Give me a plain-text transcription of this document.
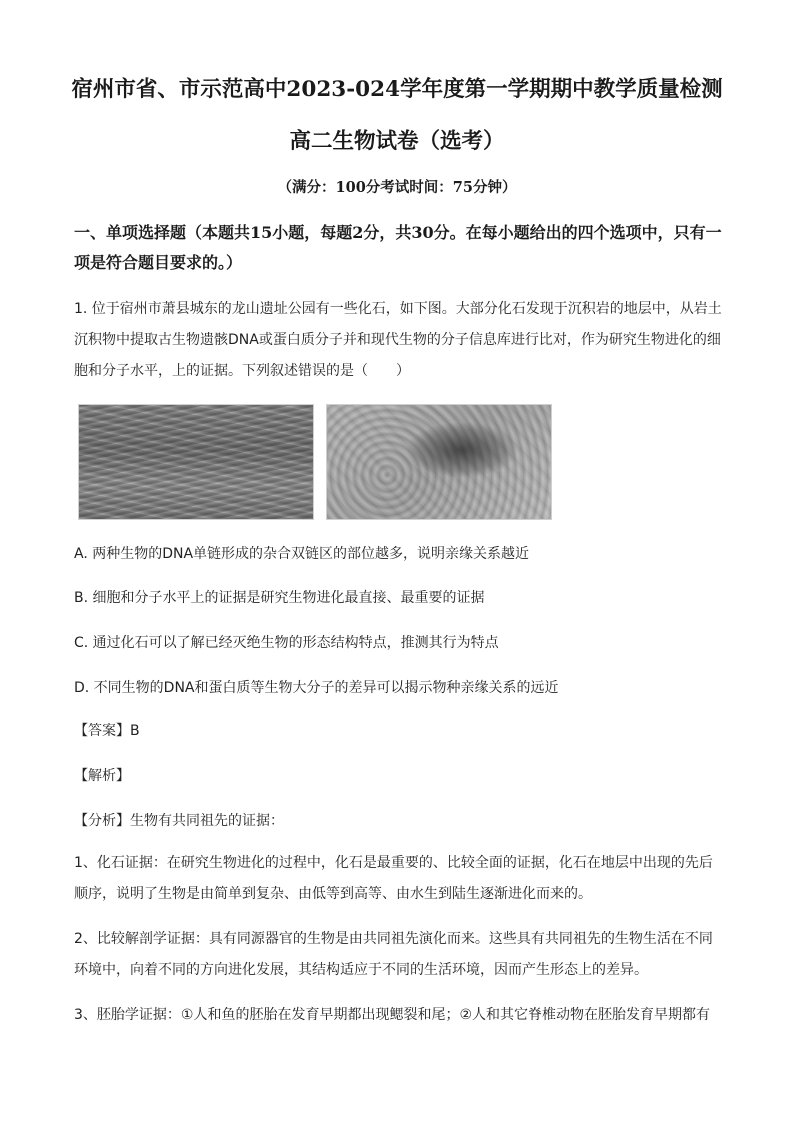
宿州市省、市示范高中2023-024学年度第一学期期中教学质量检测
高二生物试卷（选考）
（满分：100分考试时间：75分钟）
一、单项选择题（本题共15小题，每题2分，共30分。在每小题给出的四个选项中，只有一项是符合题目要求的。）
1. 位于宿州市萧县城东的龙山遗址公园有一些化石，如下图。大部分化石发现于沉积岩的地层中，从岩土沉积物中提取古生物遗骸DNA或蛋白质分子并和现代生物的分子信息库进行比对，作为研究生物进化的细胞和分子水平，上的证据。下列叙述错误的是（　　）
A. 两种生物的DNA单链形成的杂合双链区的部位越多，说明亲缘关系越近
B. 细胞和分子水平上的证据是研究生物进化最直接、最重要的证据
C. 通过化石可以了解已经灭绝生物的形态结构特点，推测其行为特点
D. 不同生物的DNA和蛋白质等生物大分子的差异可以揭示物种亲缘关系的远近
【答案】B
【解析】
【分析】生物有共同祖先的证据：
1、化石证据：在研究生物进化的过程中，化石是最重要的、比较全面的证据，化石在地层中出现的先后顺序，说明了生物是由简单到复杂、由低等到高等、由水生到陆生逐渐进化而来的。
2、比较解剖学证据：具有同源器官的生物是由共同祖先演化而来。这些具有共同祖先的生物生活在不同环境中，向着不同的方向进化发展，其结构适应于不同的生活环境，因而产生形态上的差异。
3、胚胎学证据：①人和鱼的胚胎在发育早期都出现鳃裂和尾；②人和其它脊椎动物在胚胎发育早期都有
